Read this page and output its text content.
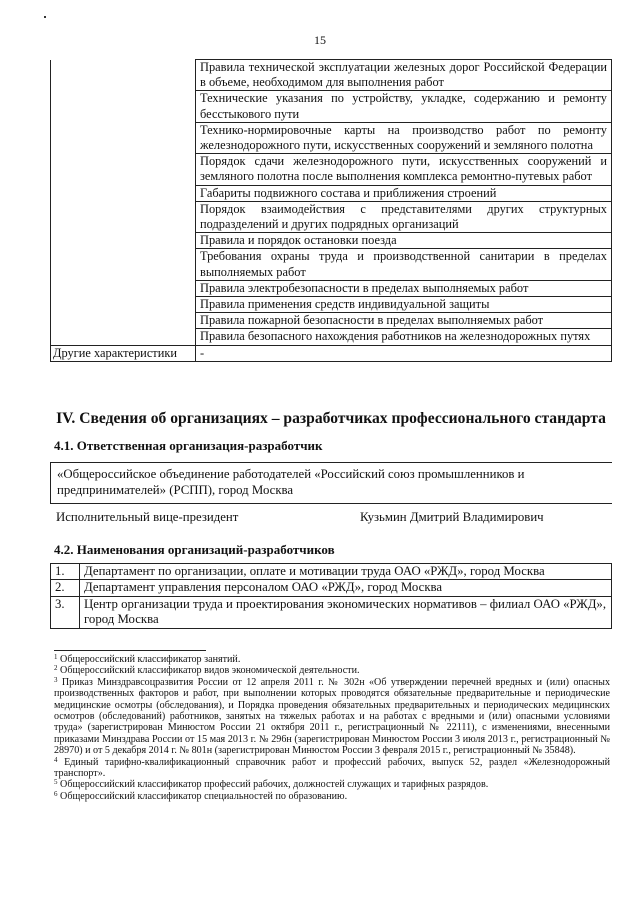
15
	Правила технической эксплуатации железных дорог Российской Федерации в объеме, необходимом для выполнения работ
	Технические указания по устройству, укладке, содержанию и ремонту бесстыкового пути
	Технико-нормировочные карты на производство работ по ремонту железнодорожного пути, искусственных сооружений и земляного полотна
	Порядок сдачи железнодорожного пути, искусственных сооружений и земляного полотна после выполнения комплекса ремонтно-путевых работ
	Габариты подвижного состава и приближения строений
	Порядок взаимодействия с представителями других структурных подразделений и других подрядных организаций
	Правила и порядок остановки поезда
	Требования охраны труда и производственной санитарии в пределах выполняемых работ
	Правила электробезопасности в пределах выполняемых работ
	Правила применения средств индивидуальной защиты
	Правила пожарной безопасности в пределах выполняемых работ
	Правила безопасного нахождения работников на железнодорожных путях
Другие характеристики	-
IV. Сведения об организациях – разработчиках профессионального стандарта
4.1. Ответственная организация-разработчик
«Общероссийское объединение работодателей «Российский союз промышленников и предпринимателей» (РСПП), город Москва
Исполнительный вице-президент	Кузьмин Дмитрий Владимирович
4.2. Наименования организаций-разработчиков
1.	Департамент по организации, оплате и мотивации труда ОАО «РЖД», город Москва
2.	Департамент управления персоналом ОАО «РЖД», город Москва
3.	Центр организации труда и проектирования экономических нормативов – филиал ОАО «РЖД», город Москва

$^1$ Общероссийский классификатор занятий.

$^2$ Общероссийский классификатор видов экономической деятельности.

$^3$ Приказ Минздравсоцразвития России от 12 апреля 2011 г. № 302н «Об утверждении перечней вредных и (или) опасных производственных факторов и работ, при выполнении которых проводятся обязательные предварительные и периодические медицинские осмотры (обследования), и Порядка проведения обязательных предварительных и периодических медицинских осмотров (обследований) работников, занятых на тяжелых работах и на работах с вредными и (или) опасными условиями труда» (зарегистрирован Минюстом России 21 октября 2011 г., регистрационный № 22111), с изменениями, внесенными приказами Минздрава России от 15 мая 2013 г. № 296н (зарегистрирован Минюстом России 3 июля 2013 г., регистрационный № 28970) и от 5 декабря 2014 г. № 801н (зарегистрирован Минюстом России 3 февраля 2015 г., регистрационный № 35848).

$^4$ Единый тарифно-квалификационный справочник работ и профессий рабочих, выпуск 52, раздел «Железнодорожный транспорт».

$^5$ Общероссийский классификатор профессий рабочих, должностей служащих и тарифных разрядов.

$^6$ Общероссийский классификатор специальностей по образованию.
